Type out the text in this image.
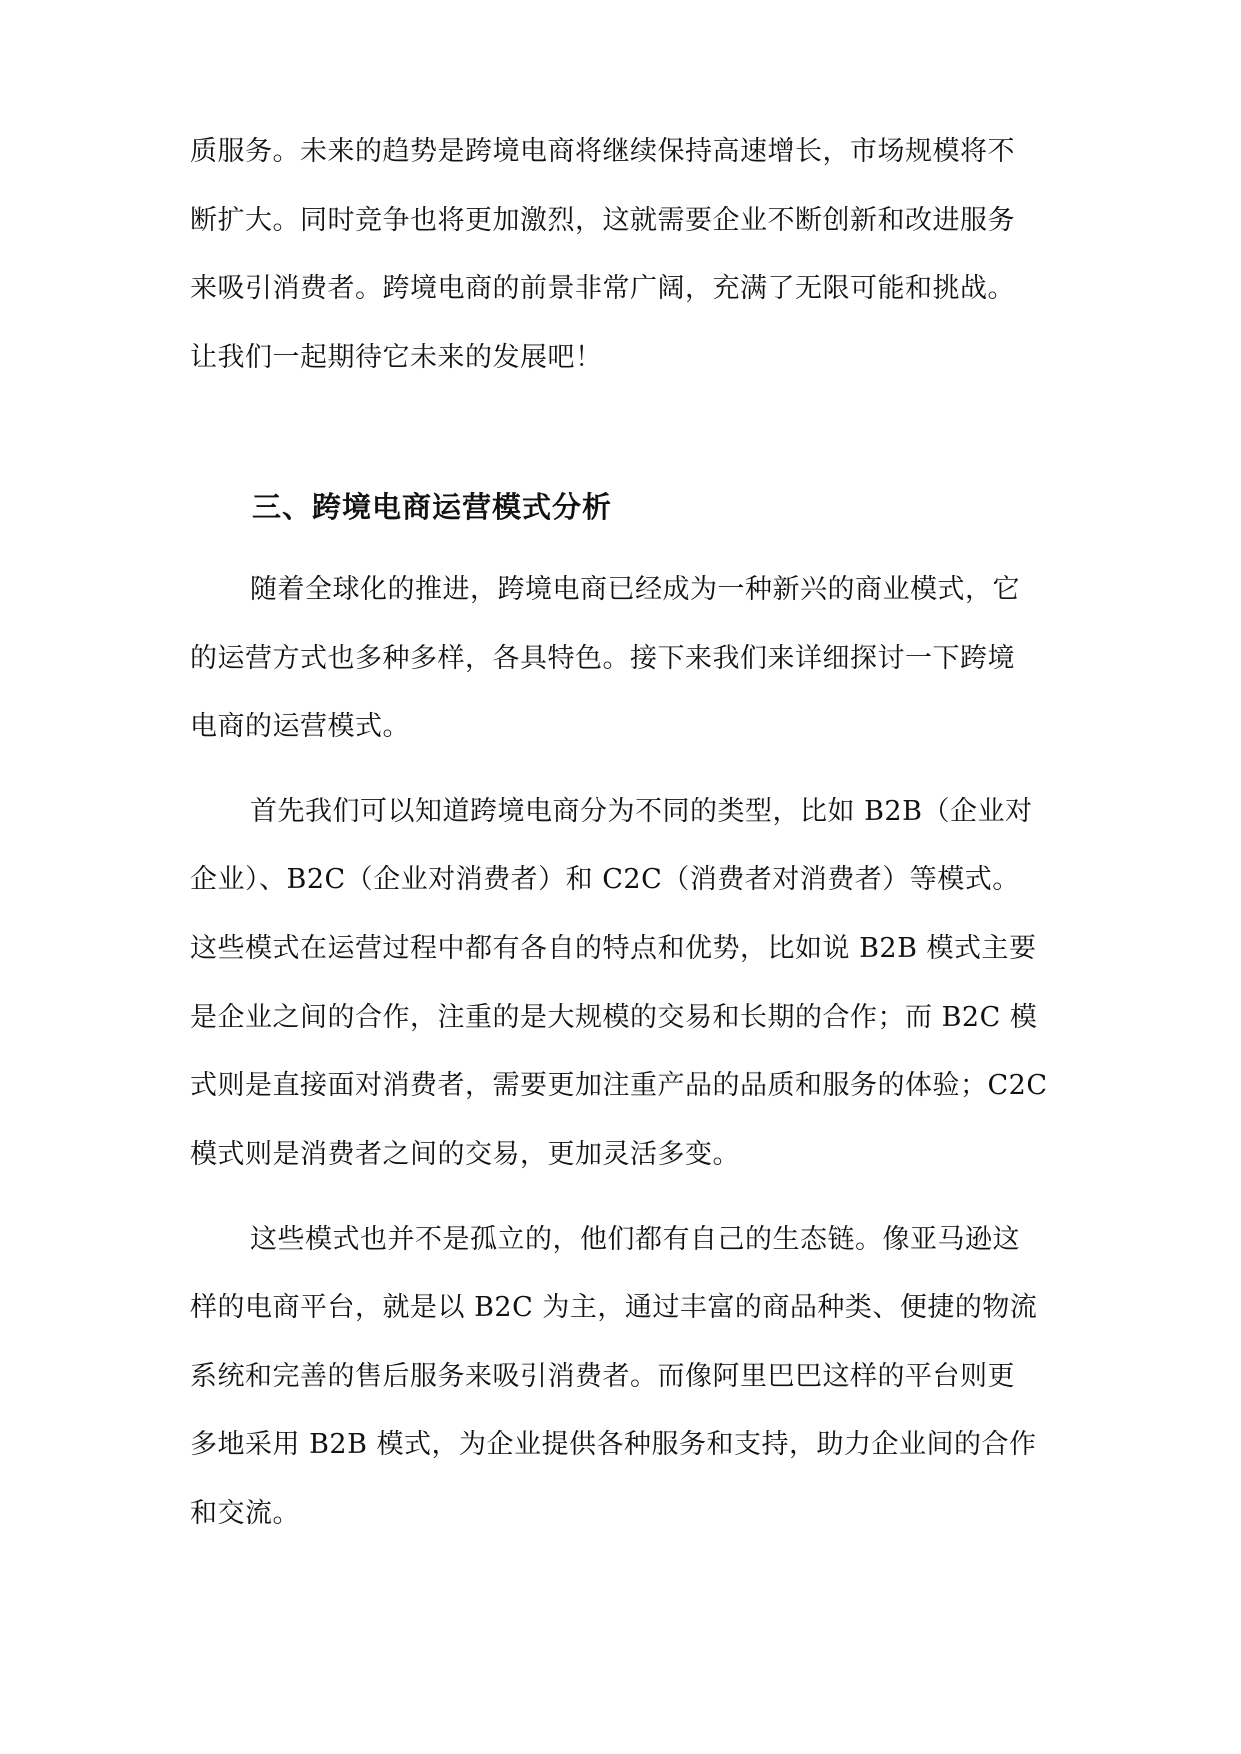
质服务。未来的趋势是跨境电商将继续保持高速增长，市场规模将不
断扩大。同时竞争也将更加激烈，这就需要企业不断创新和改进服务
来吸引消费者。跨境电商的前景非常广阔，充满了无限可能和挑战。
让我们一起期待它未来的发展吧！
三、跨境电商运营模式分析
随着全球化的推进，跨境电商已经成为一种新兴的商业模式，它
的运营方式也多种多样，各具特色。接下来我们来详细探讨一下跨境
电商的运营模式。
首先我们可以知道跨境电商分为不同的类型，比如 B2B（企业对
企业）、B2C（企业对消费者）和 C2C（消费者对消费者）等模式。
这些模式在运营过程中都有各自的特点和优势，比如说 B2B 模式主要
是企业之间的合作，注重的是大规模的交易和长期的合作；而 B2C 模
式则是直接面对消费者，需要更加注重产品的品质和服务的体验；C2C
模式则是消费者之间的交易，更加灵活多变。
这些模式也并不是孤立的，他们都有自己的生态链。像亚马逊这
样的电商平台，就是以 B2C 为主，通过丰富的商品种类、便捷的物流
系统和完善的售后服务来吸引消费者。而像阿里巴巴这样的平台则更
多地采用 B2B 模式，为企业提供各种服务和支持，助力企业间的合作
和交流。
